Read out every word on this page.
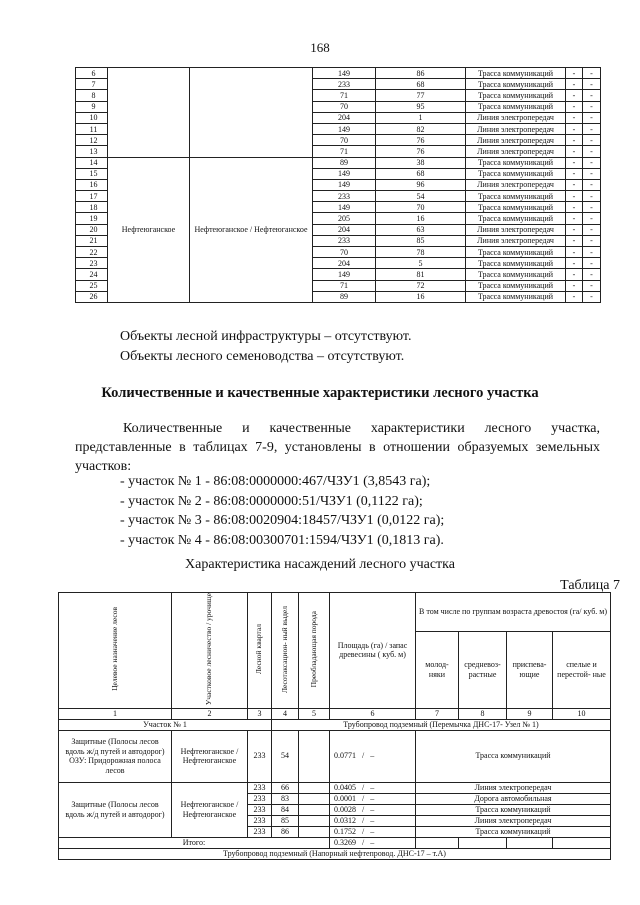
168
6			149	86	Трасса коммуникаций	-	-
7			233	68	Трасса коммуникаций	-	-
8			71	77	Трасса коммуникаций	-	-
9			70	95	Трасса коммуникаций	-	-
10			204	1	Линия электропередач	-	-
11			149	82	Линия электропередач	-	-
12			70	76	Линия электропередач	-	-
13			71	76	Линия электропередач	-	-
14	Нефтеюганское	Нефтеюганское / Нефтеюганское	89	38	Трасса коммуникаций	-	-
15			149	68	Трасса коммуникаций	-	-
16			149	96	Линия электропередач	-	-
17			233	54	Трасса коммуникаций	-	-
18			149	70	Трасса коммуникаций	-	-
19			205	16	Трасса коммуникаций	-	-
20			204	63	Линия электропередач	-	-
21			233	85	Линия электропередач	-	-
22			70	78	Трасса коммуникаций	-	-
23			204	5	Трасса коммуникаций	-	-
24			149	81	Трасса коммуникаций	-	-
25			71	72	Трасса коммуникаций	-	-
26			89	16	Трасса коммуникаций	-	-
Объекты лесной инфраструктуры – отсутствуют.
Объекты лесного семеноводства – отсутствуют.
Количественные и качественные характеристики лесного участка
Количественные и качественные характеристики лесного участка, представленные в таблицах 7-9, установлены в отношении образуемых земельных участков:
- участок № 1 - 86:08:0000000:467/ЧЗУ1 (3,8543 га);
- участок № 2 - 86:08:0000000:51/ЧЗУ1 (0,1122 га);
- участок № 3 - 86:08:0020904:18457/ЧЗУ1 (0,0122 га);
- участок № 4 - 86:08:00300701:1594/ЧЗУ1 (0,1813 га).
Характеристика насаждений лесного участка
Таблица 7
Целевое назначение лесов	Участковое лесничество / урочище	Лесной квартал	Лесотаксацион- ный выдел	Преобладающая порода	Площадь (га) / запас древесины ( куб. м)	В том числе по группам возраста древостоя (га/ куб. м)			
						молод- няки	средневоз- растные	приспева- ющие	спелые и перестой- ные
1	2	3	4	5	6	7	8	9	10
Участок № 1			Трубопровод подземный (Перемычка ДНС-17- Узел № 1)						
Защитные (Полосы лесов вдоль ж/д путей и автодорог) ОЗУ: Придорожная полоса лесов	Нефтеюганское / Нефтеюганское	233	54		0.0771 / –	Трасса коммуникаций			
Защитные (Полосы лесов вдоль ж/д путей и автодорог)	Нефтеюганское / Нефтеюганское	233	66		0.0405 / –	Линия электропередач			
		233	83		0.0001 / –	Дорога автомобильная			
		233	84		0.0028 / –	Трасса коммуникаций			
		233	85		0.0312 / –	Линия электропередач			
		233	86		0.1752 / –	Трасса коммуникаций			
Итого:					0.3269 / –				
Трубопровод подземный (Напорный нефтепровод. ДНС-17 – т.А)									
